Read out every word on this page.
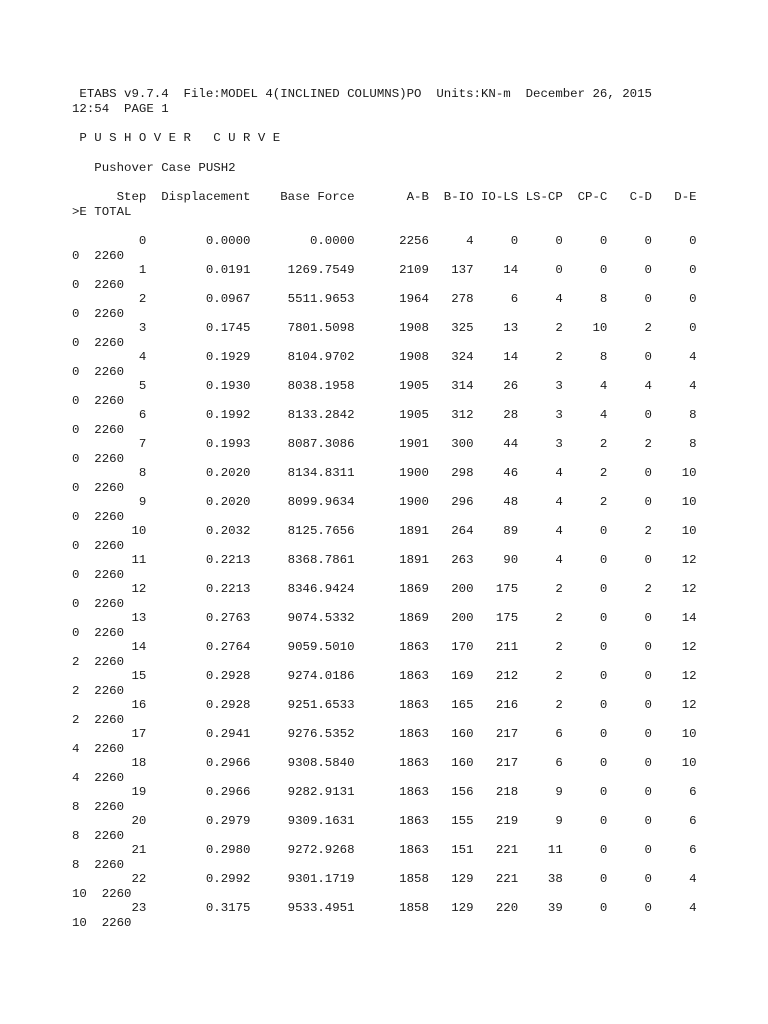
ETABS v9.7.4  File:MODEL 4(INCLINED COLUMNS)PO  Units:KN-m  December 26, 2015
12:54  PAGE 1
P U S H O V E R   C U R V E
Pushover Case PUSH2
Step  Displacement    Base Force       A-B  B-IO IO-LS LS-CP  CP-C   C-D   D-E
>E TOTAL
0        0.0000        0.0000      2256     4     0     0     0     0     0
0  2260
1        0.0191     1269.7549      2109   137    14     0     0     0     0
0  2260
2        0.0967     5511.9653      1964   278     6     4     8     0     0
0  2260
3        0.1745     7801.5098      1908   325    13     2    10     2     0
0  2260
4        0.1929     8104.9702      1908   324    14     2     8     0     4
0  2260
5        0.1930     8038.1958      1905   314    26     3     4     4     4
0  2260
6        0.1992     8133.2842      1905   312    28     3     4     0     8
0  2260
7        0.1993     8087.3086      1901   300    44     3     2     2     8
0  2260
8        0.2020     8134.8311      1900   298    46     4     2     0    10
0  2260
9        0.2020     8099.9634      1900   296    48     4     2     0    10
0  2260
10        0.2032     8125.7656      1891   264    89     4     0     2    10
0  2260
11        0.2213     8368.7861      1891   263    90     4     0     0    12
0  2260
12        0.2213     8346.9424      1869   200   175     2     0     2    12
0  2260
13        0.2763     9074.5332      1869   200   175     2     0     0    14
0  2260
14        0.2764     9059.5010      1863   170   211     2     0     0    12
2  2260
15        0.2928     9274.0186      1863   169   212     2     0     0    12
2  2260
16        0.2928     9251.6533      1863   165   216     2     0     0    12
2  2260
17        0.2941     9276.5352      1863   160   217     6     0     0    10
4  2260
18        0.2966     9308.5840      1863   160   217     6     0     0    10
4  2260
19        0.2966     9282.9131      1863   156   218     9     0     0     6
8  2260
20        0.2979     9309.1631      1863   155   219     9     0     0     6
8  2260
21        0.2980     9272.9268      1863   151   221    11     0     0     6
8  2260
22        0.2992     9301.1719      1858   129   221    38     0     0     4
10  2260
23        0.3175     9533.4951      1858   129   220    39     0     0     4
10  2260
